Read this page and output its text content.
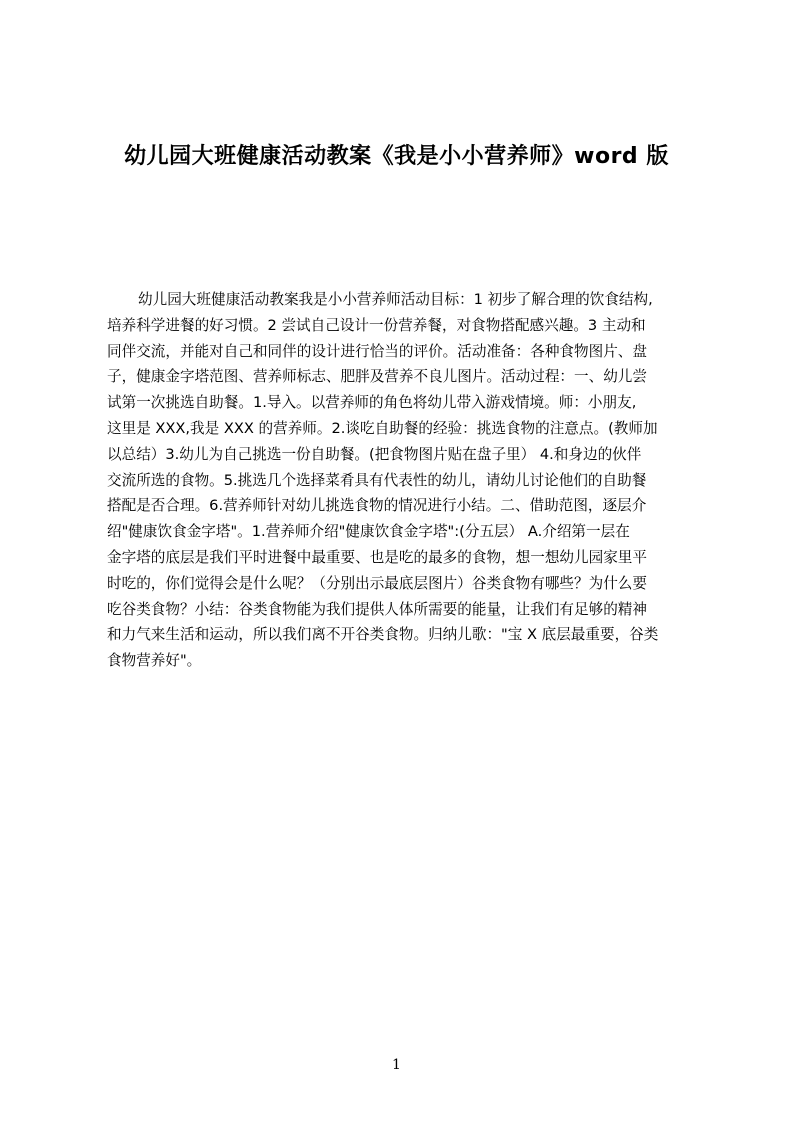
幼儿园大班健康活动教案《我是小小营养师》word 版
幼儿园大班健康活动教案我是小小营养师活动目标：1 初步了解合理的饮食结构,
培养科学进餐的好习惯。2 尝试自己设计一份营养餐，对食物搭配感兴趣。3 主动和
同伴交流，并能对自己和同伴的设计进行恰当的评价。活动准备：各种食物图片、盘
子，健康金字塔范图、营养师标志、肥胖及营养不良儿图片。活动过程：一、幼儿尝
试第一次挑选自助餐。1.导入。以营养师的角色将幼儿带入游戏情境。师：小朋友,
这里是 XXX,我是 XXX 的营养师。2.谈吃自助餐的经验：挑选食物的注意点。(教师加
以总结）3.幼儿为自己挑选一份自助餐。(把食物图片贴在盘子里） 4.和身边的伙伴
交流所选的食物。5.挑选几个选择菜肴具有代表性的幼儿，请幼儿讨论他们的自助餐
搭配是否合理。6.营养师针对幼儿挑选食物的情况进行小结。二、借助范图，逐层介
绍"健康饮食金字塔"。1.营养师介绍"健康饮食金字塔":(分五层） A.介绍第一层在
金字塔的底层是我们平时进餐中最重要、也是吃的最多的食物，想一想幼儿园家里平
时吃的，你们觉得会是什么呢？（分别出示最底层图片）谷类食物有哪些？为什么要
吃谷类食物？小结：谷类食物能为我们提供人体所需要的能量，让我们有足够的精神
和力气来生活和运动，所以我们离不开谷类食物。归纳儿歌："宝 X 底层最重要，谷类
食物营养好"。
1
